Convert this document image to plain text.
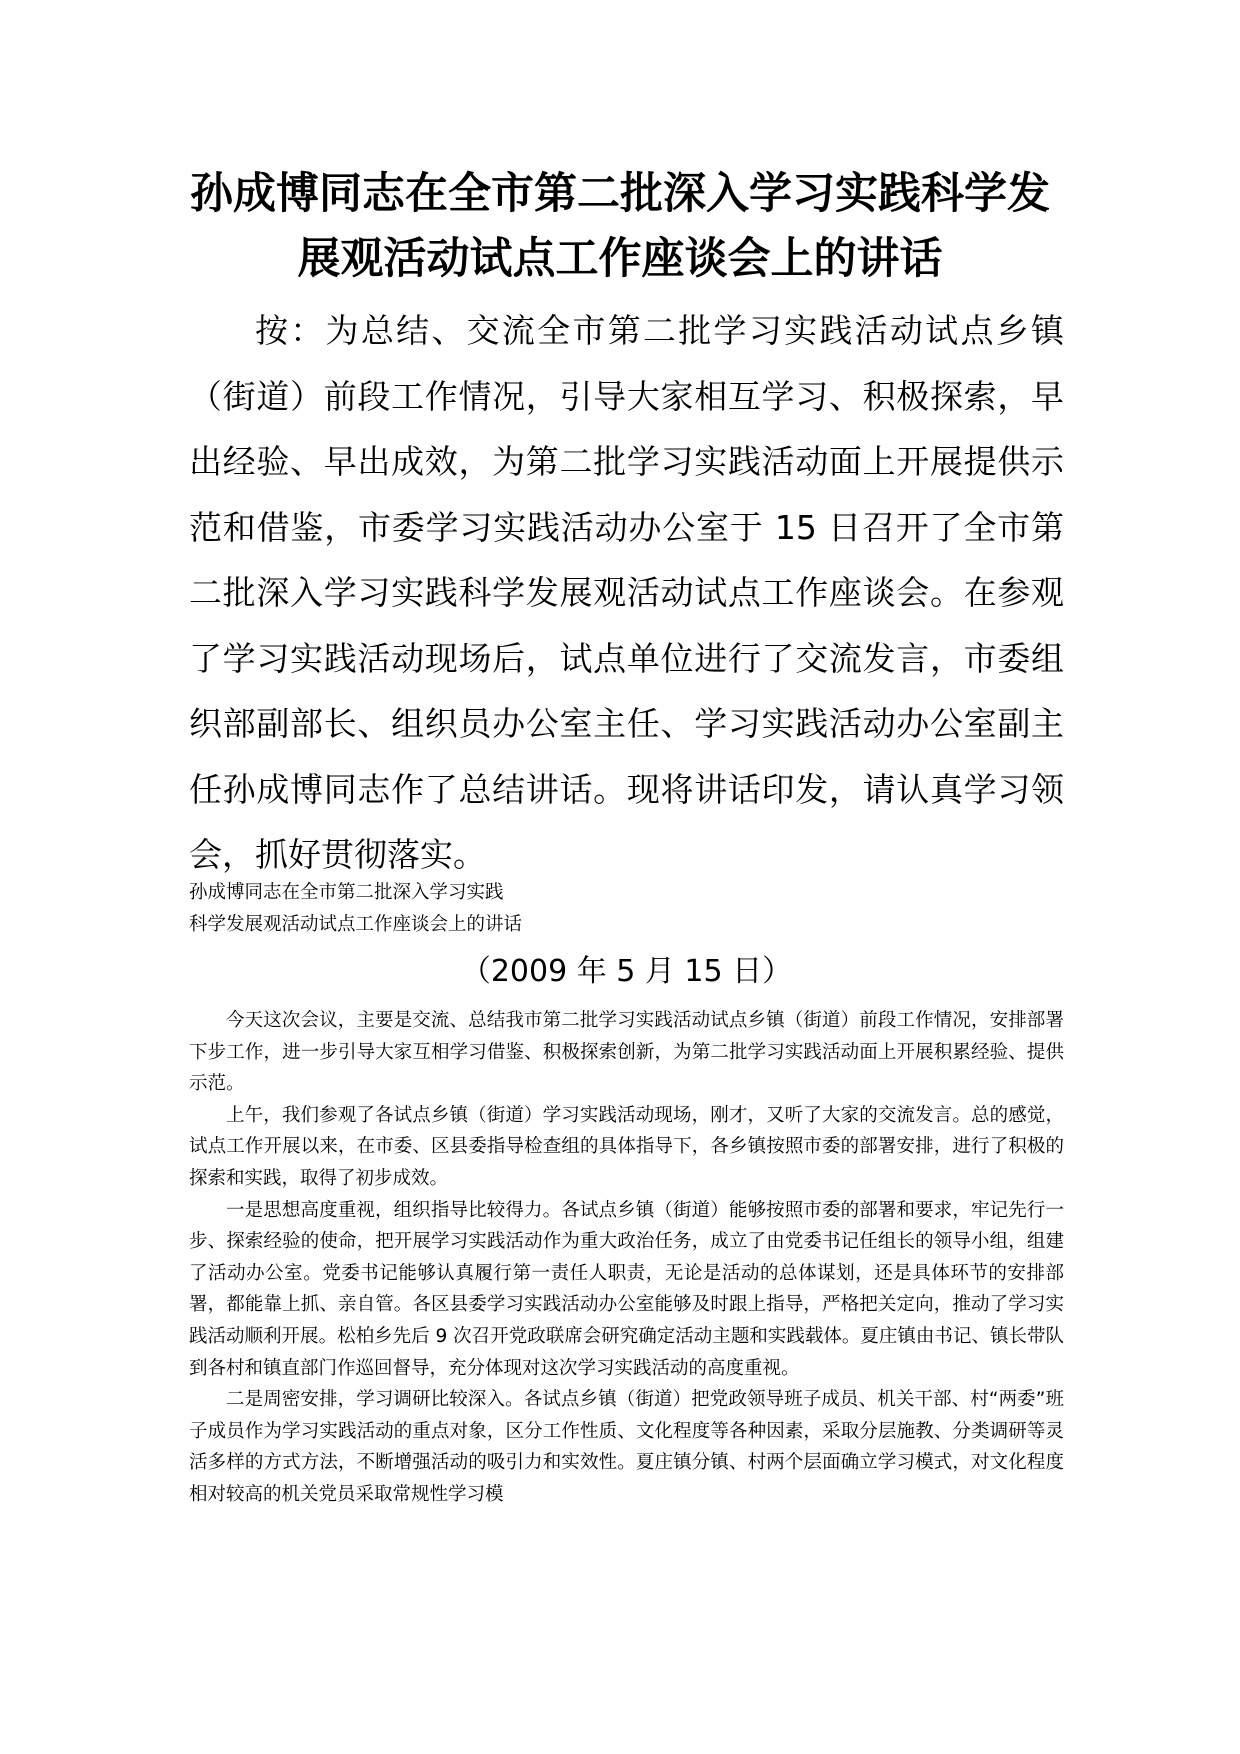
孙成博同志在全市第二批深入学习实践科学发
展观活动试点工作座谈会上的讲话

按：为总结、交流全市第二批学习实践活动试点乡镇（街道）前段工作情况，引导大家相互学习、积极探索，早出经验、早出成效，为第二批学习实践活动面上开展提供示范和借鉴，市委学习实践活动办公室于 15 日召开了全市第二批深入学习实践科学发展观活动试点工作座谈会。在参观了学习实践活动现场后，试点单位进行了交流发言，市委组织部副部长、组织员办公室主任、学习实践活动办公室副主任孙成博同志作了总结讲话。现将讲话印发，请认真学习领会，抓好贯彻落实。

孙成博同志在全市第二批深入学习实践
科学发展观活动试点工作座谈会上的讲话
（2009 年 5 月 15 日）

今天这次会议，主要是交流、总结我市第二批学习实践活动试点乡镇（街道）前段工作情况，安排部署下步工作，进一步引导大家互相学习借鉴、积极探索创新，为第二批学习实践活动面上开展积累经验、提供示范。

上午，我们参观了各试点乡镇（街道）学习实践活动现场，刚才，又听了大家的交流发言。总的感觉，试点工作开展以来，在市委、区县委指导检查组的具体指导下，各乡镇按照市委的部署安排，进行了积极的探索和实践，取得了初步成效。

一是思想高度重视，组织指导比较得力。各试点乡镇（街道）能够按照市委的部署和要求，牢记先行一步、探索经验的使命，把开展学习实践活动作为重大政治任务，成立了由党委书记任组长的领导小组，组建了活动办公室。党委书记能够认真履行第一责任人职责，无论是活动的总体谋划，还是具体环节的安排部署，都能靠上抓、亲自管。各区县委学习实践活动办公室能够及时跟上指导，严格把关定向，推动了学习实践活动顺利开展。松柏乡先后 9 次召开党政联席会研究确定活动主题和实践载体。夏庄镇由书记、镇长带队到各村和镇直部门作巡回督导，充分体现对这次学习实践活动的高度重视。

二是周密安排，学习调研比较深入。各试点乡镇（街道）把党政领导班子成员、机关干部、村“两委”班子成员作为学习实践活动的重点对象，区分工作性质、文化程度等各种因素，采取分层施教、分类调研等灵活多样的方式方法，不断增强活动的吸引力和实效性。夏庄镇分镇、村两个层面确立学习模式，对文化程度相对较高的机关党员采取常规性学习模
